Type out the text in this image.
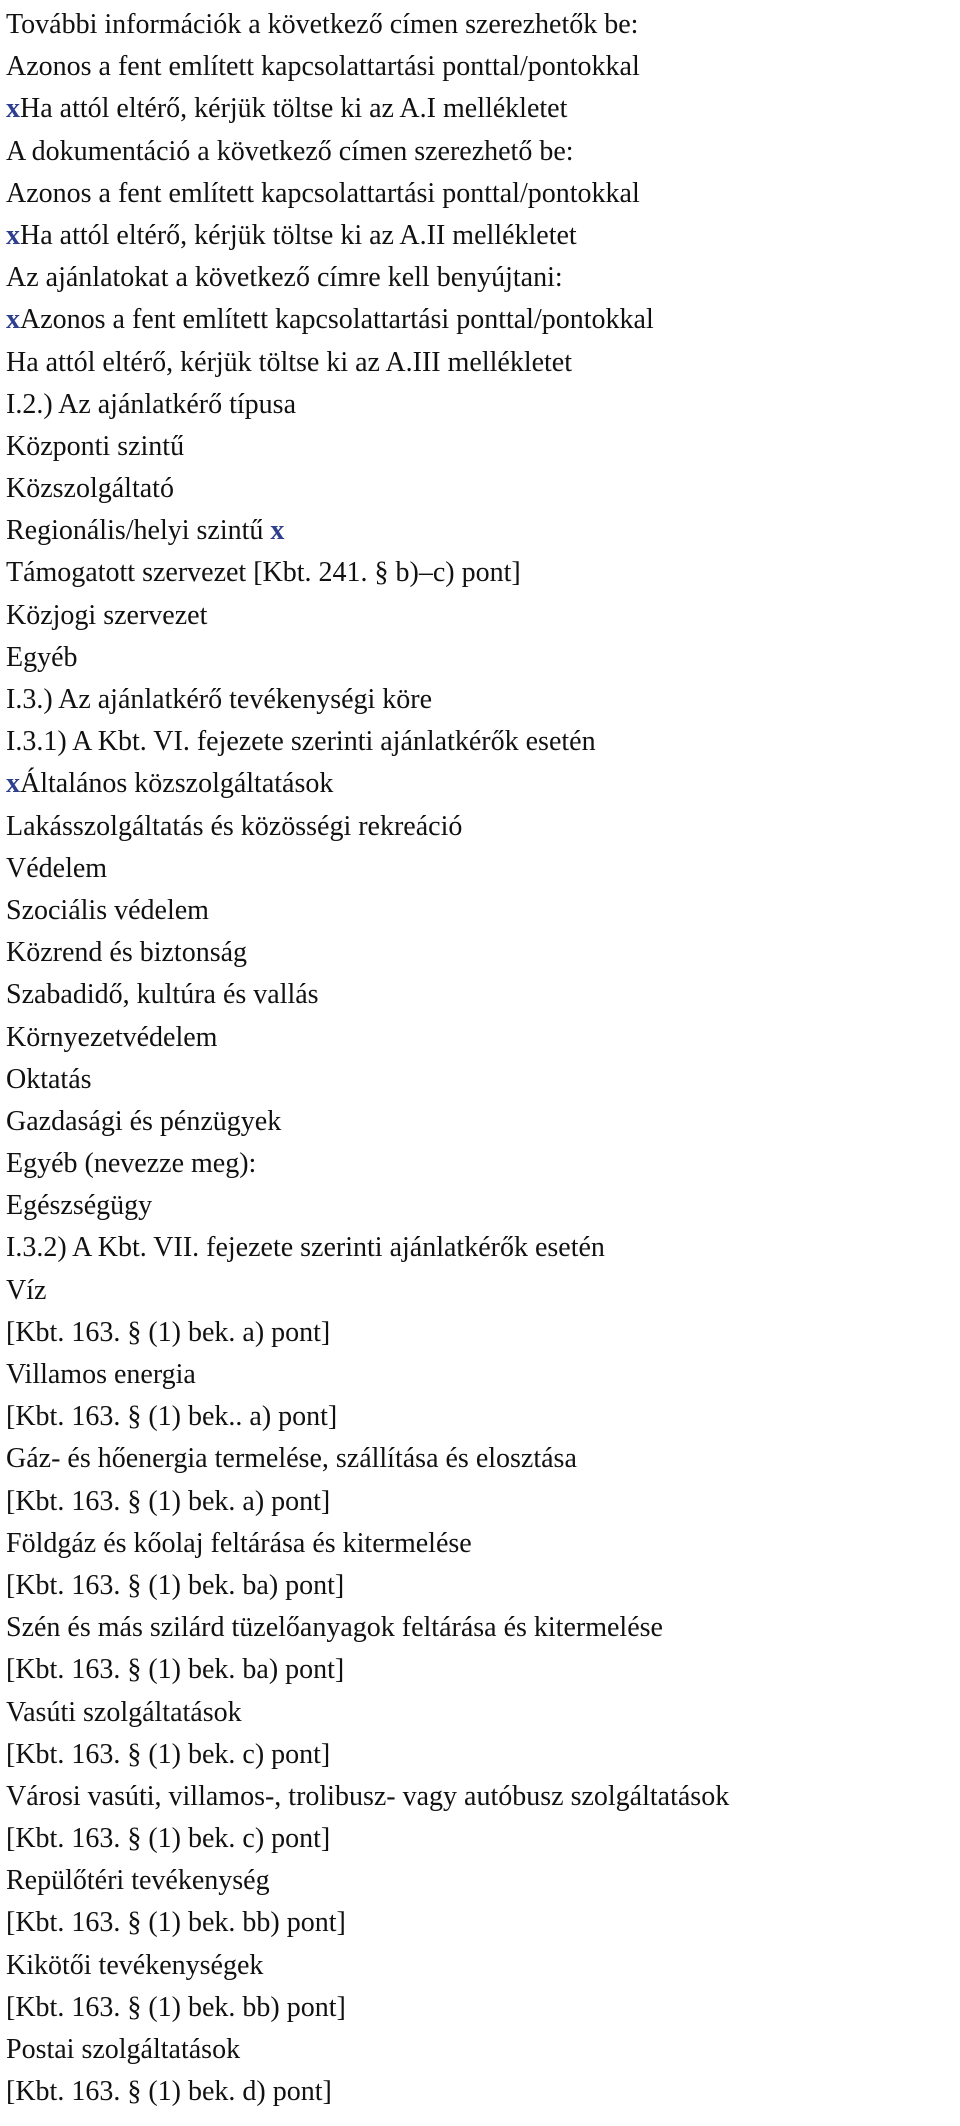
További információk a következő címen szerezhetők be:
Azonos a fent említett kapcsolattartási ponttal/pontokkal
xHa attól eltérő, kérjük töltse ki az A.I mellékletet
A dokumentáció a következő címen szerezhető be:
Azonos a fent említett kapcsolattartási ponttal/pontokkal
xHa attól eltérő, kérjük töltse ki az A.II mellékletet
Az ajánlatokat a következő címre kell benyújtani:
xAzonos a fent említett kapcsolattartási ponttal/pontokkal
Ha attól eltérő, kérjük töltse ki az A.III mellékletet
I.2.) Az ajánlatkérő típusa
Központi szintű
Közszolgáltató
Regionális/helyi szintű x
Támogatott szervezet [Kbt. 241. § b)–c) pont]
Közjogi szervezet
Egyéb
I.3.) Az ajánlatkérő tevékenységi köre
I.3.1) A Kbt. VI. fejezete szerinti ajánlatkérők esetén
xÁltalános közszolgáltatások
Lakásszolgáltatás és közösségi rekreáció
Védelem
Szociális védelem
Közrend és biztonság
Szabadidő, kultúra és vallás
Környezetvédelem
Oktatás
Gazdasági és pénzügyek
Egyéb (nevezze meg):
Egészségügy
I.3.2) A Kbt. VII. fejezete szerinti ajánlatkérők esetén
Víz
[Kbt. 163. § (1) bek. a) pont]
Villamos energia
[Kbt. 163. § (1) bek.. a) pont]
Gáz- és hőenergia termelése, szállítása és elosztása
[Kbt. 163. § (1) bek. a) pont]
Földgáz és kőolaj feltárása és kitermelése
[Kbt. 163. § (1) bek. ba) pont]
Szén és más szilárd tüzelőanyagok feltárása és kitermelése
[Kbt. 163. § (1) bek. ba) pont]
Vasúti szolgáltatások
[Kbt. 163. § (1) bek. c) pont]
Városi vasúti, villamos-, trolibusz- vagy autóbusz szolgáltatások
[Kbt. 163. § (1) bek. c) pont]
Repülőtéri tevékenység
[Kbt. 163. § (1) bek. bb) pont]
Kikötői tevékenységek
[Kbt. 163. § (1) bek. bb) pont]
Postai szolgáltatások
[Kbt. 163. § (1) bek. d) pont]
